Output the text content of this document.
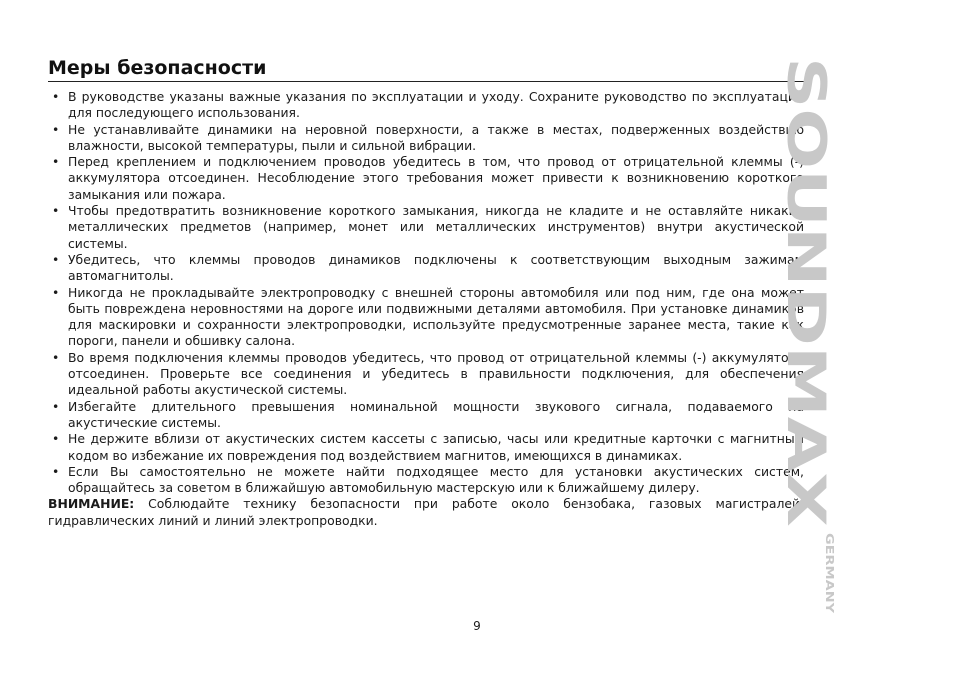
Меры безопасности
• В руководстве указаны важные указания по эксплуатации и уходу. Сохраните руководство по эксплуатации для последующего использования.
• Не устанавливайте динамики на неровной поверхности, а также в местах, подверженных воздействию влажности, высокой температуры, пыли и сильной вибрации.
• Перед креплением и подключением проводов убедитесь в том, что провод от отрицательной клеммы (-) аккумулятора отсоединен. Несоблюдение этого требования может привести к возникновению короткого замыкания или пожара.
• Чтобы предотвратить возникновение короткого замыкания, никогда не кладите и не оставляйте никаких металлических предметов (например, монет или металлических инструментов) внутри акустической системы.
• Убедитесь, что клеммы проводов динамиков подключены к соответствующим выходным зажимам автомагнитолы.
• Никогда не прокладывайте электропроводку с внешней стороны автомобиля или под ним, где она может быть повреждена неровностями на дороге или подвижными деталями автомобиля. При установке динамиков для маскировки и сохранности электропроводки, используйте предусмотренные заранее места, такие как пороги, панели и обшивку салона.
• Во время подключения клеммы проводов убедитесь, что провод от отрицательной клеммы (-) аккумулятора отсоединен. Проверьте все соединения и убедитесь в правильности подключения, для обеспечения идеальной работы акустической системы.
• Избегайте длительного превышения номинальной мощности звукового сигнала, подаваемого на акустические системы.
• Не держите вблизи от акустических систем кассеты с записью, часы или кредитные карточки с магнитным кодом во избежание их повреждения под воздействием магнитов, имеющихся в динамиках.
• Если Вы самостоятельно не можете найти подходящее место для установки акустических систем, обращайтесь за советом в ближайшую автомобильную мастерскую или к ближайшему дилеру.

ВНИМАНИЕ: Соблюдайте технику безопасности при работе около бензобака, газовых магистралей, гидравлических линий и линий электропроводки.

9
SOUNDMAX
GERMANY
